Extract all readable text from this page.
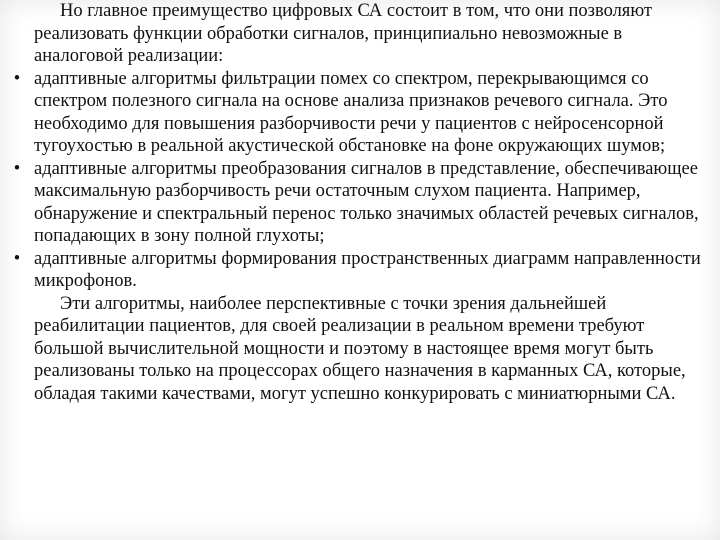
Но главное преимущество цифровых СА состоит в том, что они позволяют реализовать функции обработки сигналов, принципиально невозможные в аналоговой реализации:

• адаптивные алгоритмы фильтрации помех со спектром, перекрывающимся со спектром полезного сигнала на основе анализа признаков речевого сигнала. Это необходимо для повышения разборчивости речи у пациентов с нейросенсорной тугоухостью в реальной акустической обстановке на фоне окружающих шумов;
• адаптивные алгоритмы преобразования сигналов в представление, обеспечивающее максимальную разборчивость речи остаточным слухом пациента. Например, обнаружение и спектральный перенос только значимых областей речевых сигналов, попадающих в зону полной глухоты;
• адаптивные алгоритмы формирования пространственных диаграмм направленности микрофонов.

Эти алгоритмы, наиболее перспективные с точки зрения дальнейшей реабилитации пациентов, для своей реализации в реальном времени требуют большой вычислительной мощности и поэтому в настоящее время могут быть реализованы только на процессорах общего назначения в карманных СА, которые, обладая такими качествами, могут успешно конкурировать с миниатюрными СА.
